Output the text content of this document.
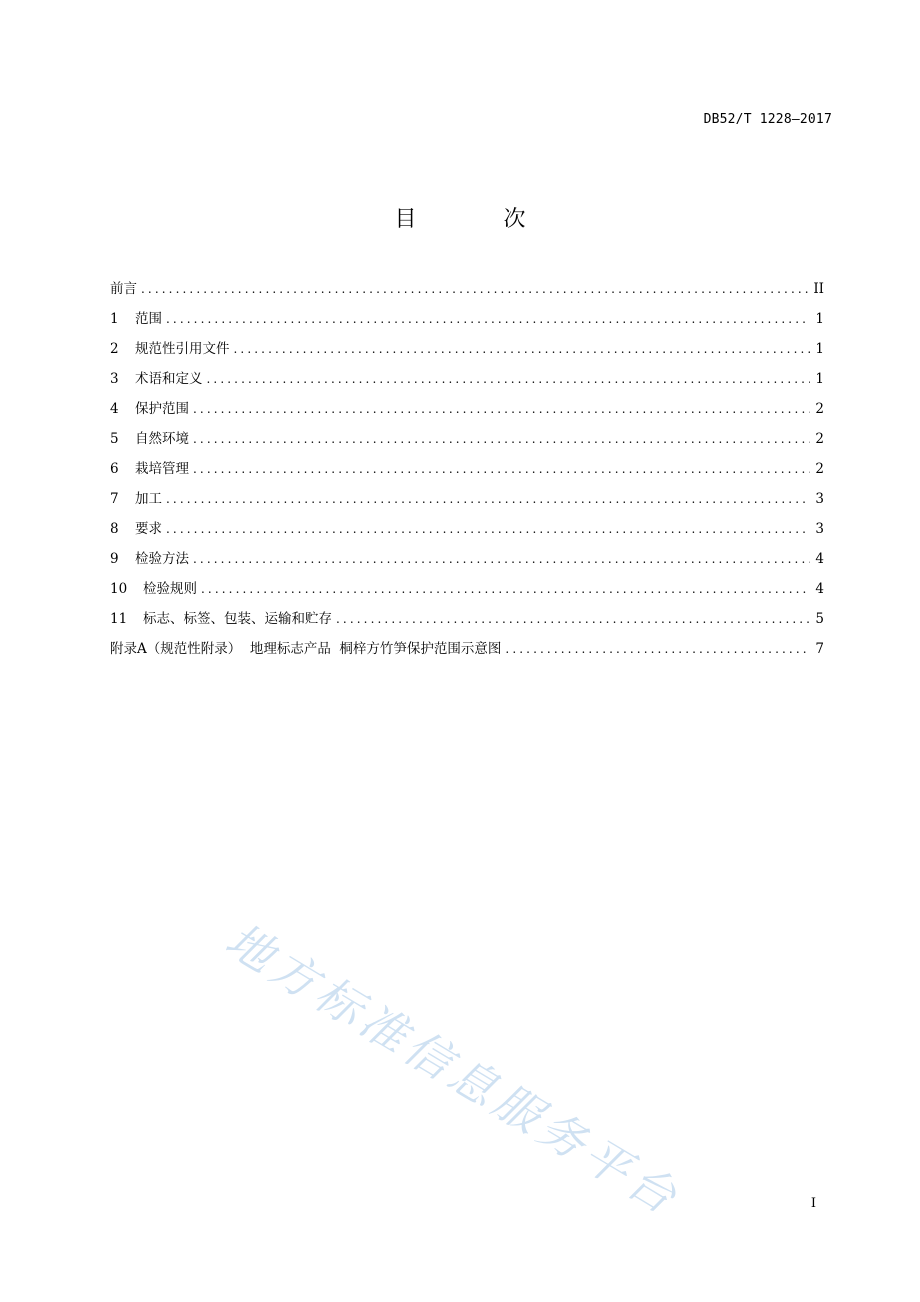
DB52/T 1228—2017
目 次
前言 .....	II
1	范围 .....	1
2	规范性引用文件 .....	1
3	术语和定义 .....	1
4	保护范围 .....	2
5	自然环境 .....	2
6	栽培管理 .....	2
7	加工 .....	3
8	要求 .....	3
9	检验方法 .....	4
10	检验规则 .....	4
11	标志、标签、包装、运输和贮存 .....	5
附录A（规范性附录）  地理标志产品  桐梓方竹笋保护范围示意图 .....	7
地方标准信息服务平台	I
